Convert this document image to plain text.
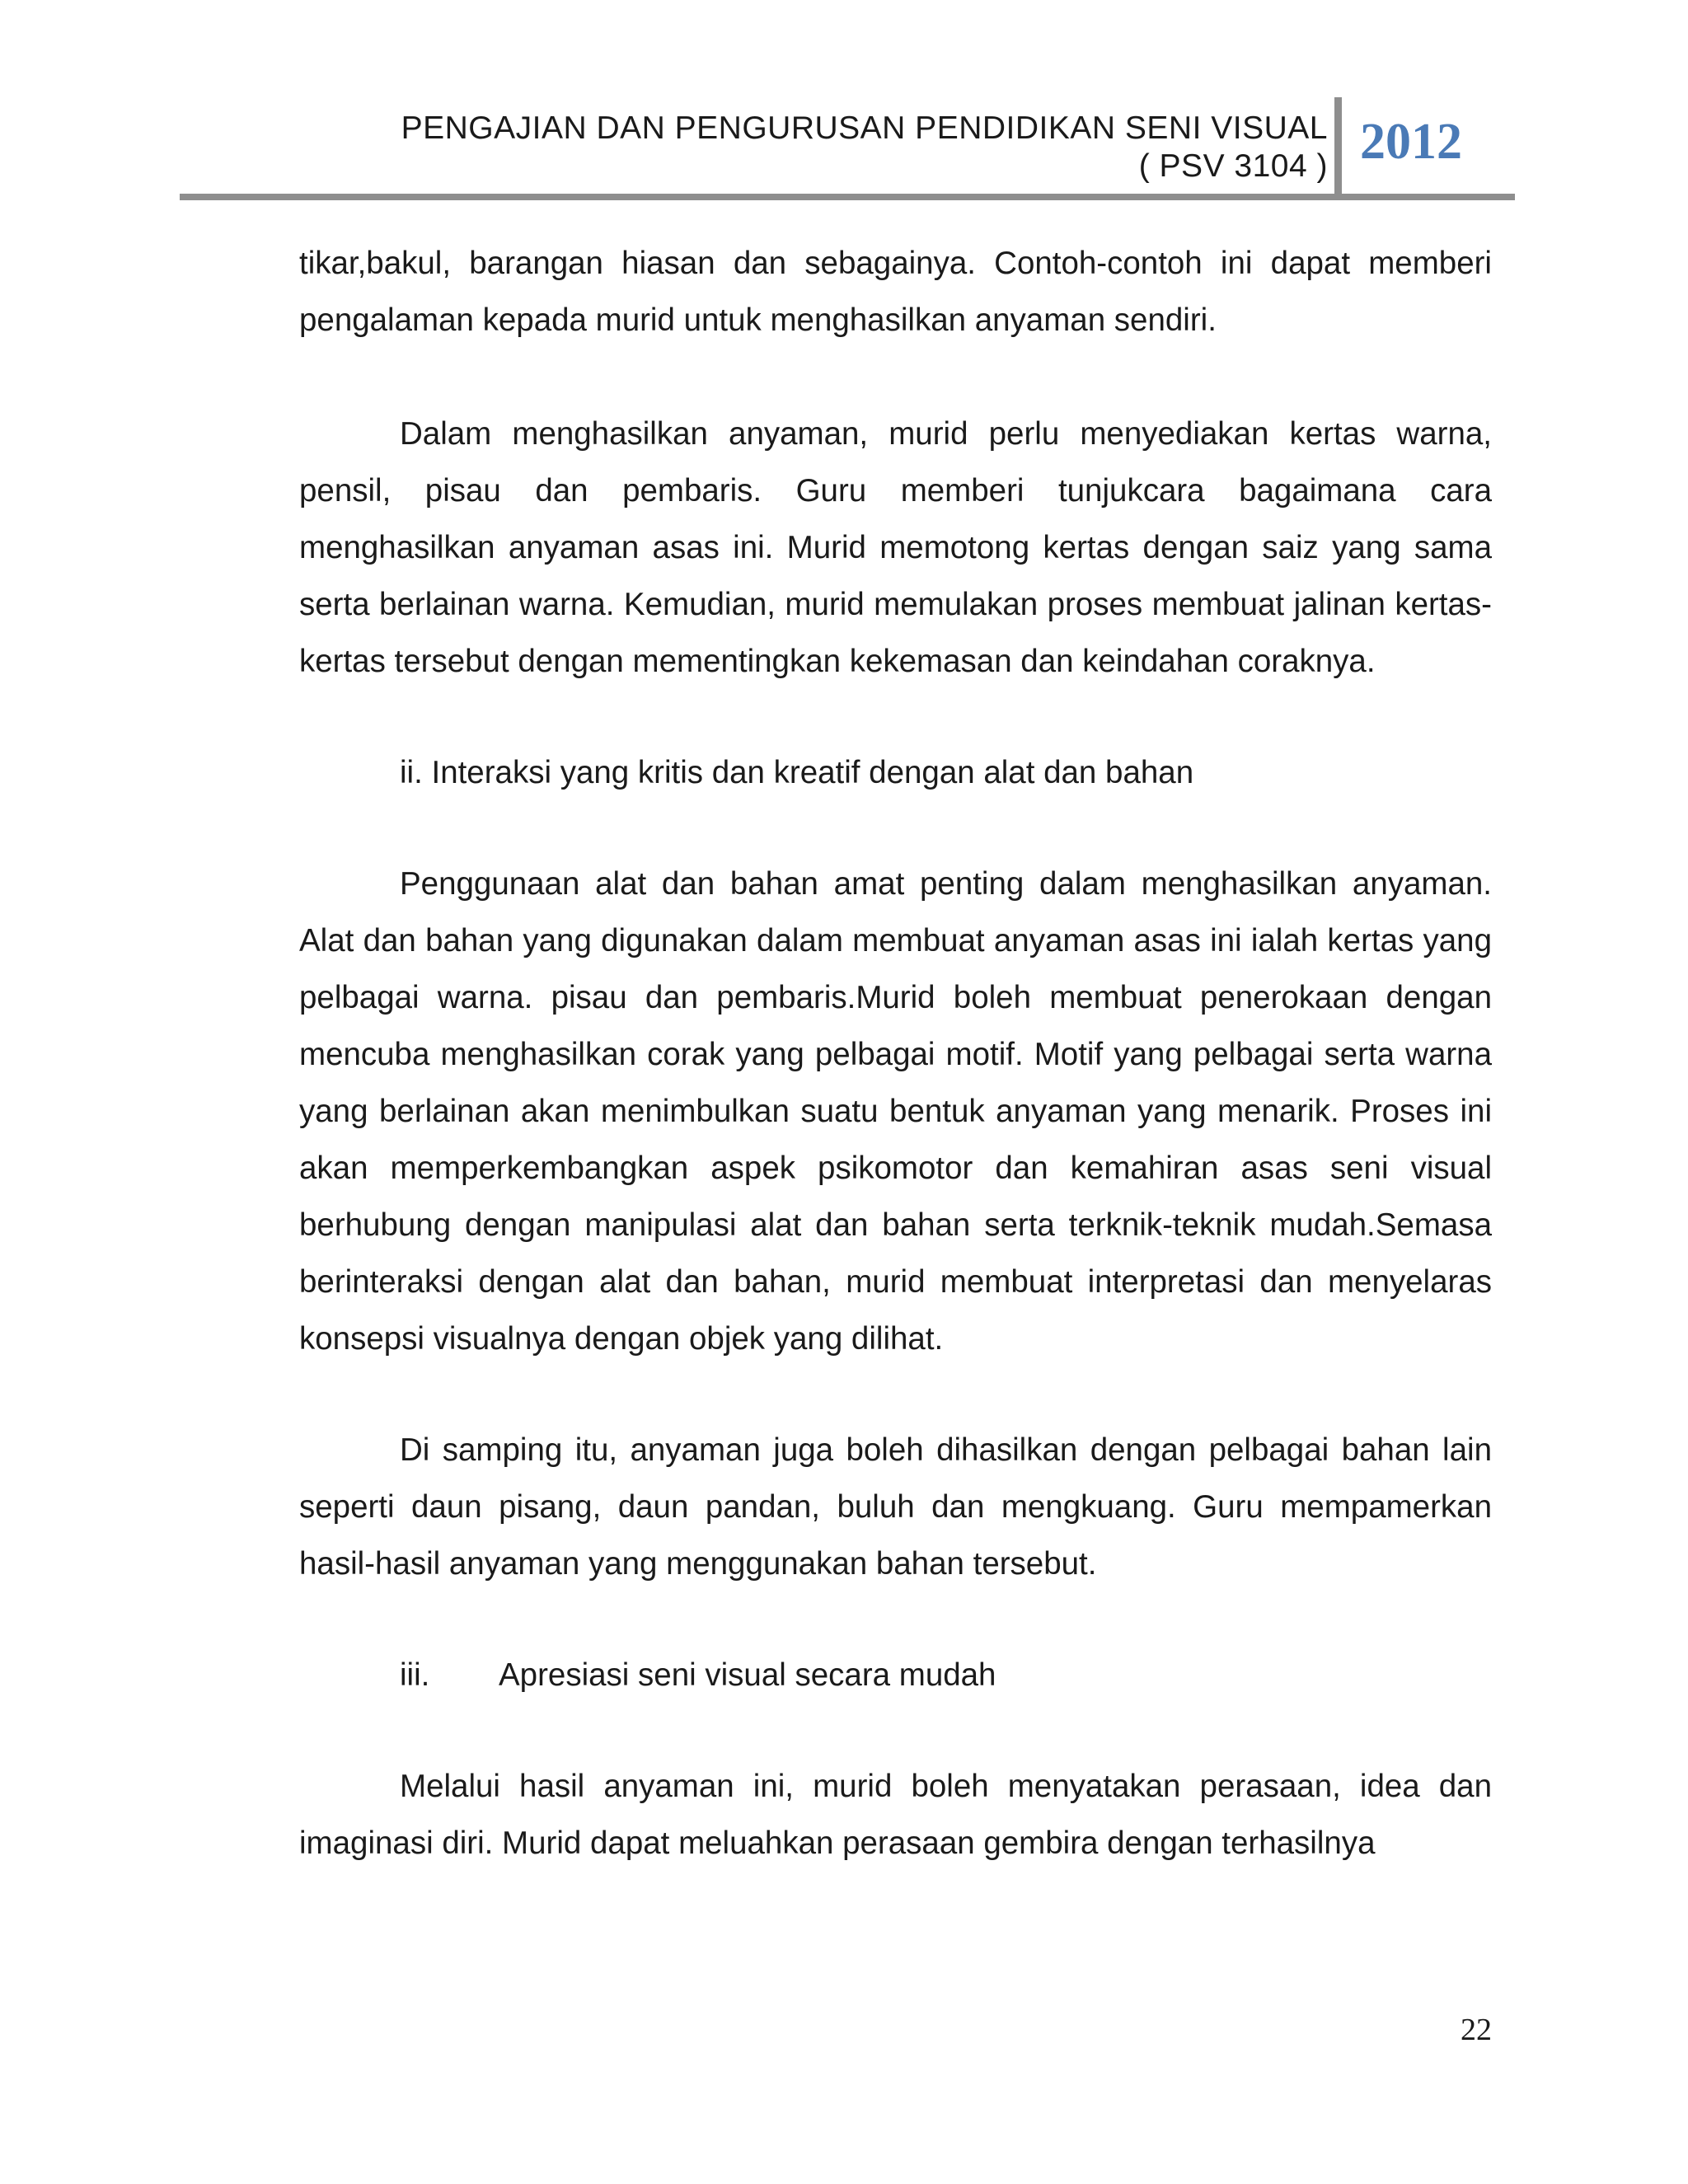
PENGAJIAN DAN PENGURUSAN PENDIDIKAN SENI VISUAL
( PSV 3104 ) 2012

tikar,bakul, barangan hiasan dan sebagainya. Contoh-contoh ini dapat memberi pengalaman kepada murid untuk menghasilkan anyaman sendiri.

Dalam menghasilkan anyaman, murid perlu menyediakan kertas warna, pensil, pisau dan pembaris. Guru memberi tunjukcara bagaimana cara menghasilkan anyaman asas ini. Murid memotong kertas dengan saiz yang sama serta berlainan warna. Kemudian, murid memulakan proses membuat jalinan kertas-kertas tersebut dengan mementingkan kekemasan dan keindahan coraknya.

ii. Interaksi yang kritis dan kreatif dengan alat dan bahan

Penggunaan alat dan bahan amat penting dalam menghasilkan anyaman. Alat dan bahan yang digunakan dalam membuat anyaman asas ini ialah kertas yang pelbagai warna. pisau dan pembaris.Murid boleh membuat penerokaan dengan mencuba menghasilkan corak yang pelbagai motif. Motif yang pelbagai serta warna yang berlainan akan menimbulkan suatu bentuk anyaman yang menarik. Proses ini akan memperkembangkan aspek psikomotor dan kemahiran asas seni visual berhubung dengan manipulasi alat dan bahan serta terknik-teknik mudah.Semasa berinteraksi dengan alat dan bahan, murid membuat interpretasi dan menyelaras konsepsi visualnya dengan objek yang dilihat.

Di samping itu, anyaman juga boleh dihasilkan dengan pelbagai bahan lain seperti daun pisang, daun pandan, buluh dan mengkuang. Guru mempamerkan hasil-hasil anyaman yang menggunakan bahan tersebut.

iii. Apresiasi seni visual secara mudah

Melalui hasil anyaman ini, murid boleh menyatakan perasaan, idea dan imaginasi diri. Murid dapat meluahkan perasaan gembira dengan terhasilnya

22
